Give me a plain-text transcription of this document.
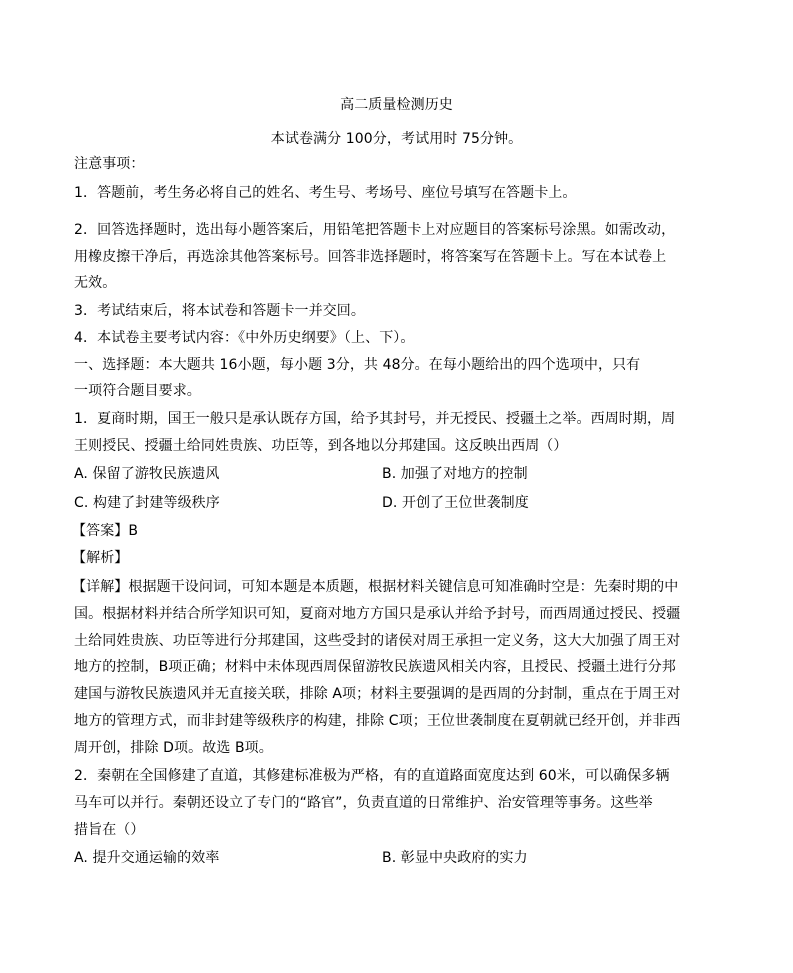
高二质量检测历史
本试卷满分 100分，考试用时 75分钟。
注意事项：
1．答题前，考生务必将自己的姓名、考生号、考场号、座位号填写在答题卡上。
2．回答选择题时，选出每小题答案后，用铅笔把答题卡上对应题目的答案标号涂黑。如需改动，
用橡皮擦干净后，再选涂其他答案标号。回答非选择题时，将答案写在答题卡上。写在本试卷上
无效。
3．考试结束后，将本试卷和答题卡一并交回。
4．本试卷主要考试内容：《中外历史纲要》（上、下）。
一、选择题：本大题共 16小题，每小题 3分，共 48分。在每小题给出的四个选项中，只有
一项符合题目要求。
1．夏商时期，国王一般只是承认既存方国，给予其封号，并无授民、授疆土之举。西周时期，周
王则授民、授疆土给同姓贵族、功臣等，到各地以分邦建国。这反映出西周（）
A. 保留了游牧民族遗风	B. 加强了对地方的控制
C. 构建了封建等级秩序	D. 开创了王位世袭制度
【答案】B
【解析】
【详解】根据题干设问词，可知本题是本质题，根据材料关键信息可知准确时空是：先秦时期的中
国。根据材料并结合所学知识可知，夏商对地方方国只是承认并给予封号，而西周通过授民、授疆
土给同姓贵族、功臣等进行分邦建国，这些受封的诸侯对周王承担一定义务，这大大加强了周王对
地方的控制，B项正确；材料中未体现西周保留游牧民族遗风相关内容，且授民、授疆土进行分邦
建国与游牧民族遗风并无直接关联，排除 A项；材料主要强调的是西周的分封制，重点在于周王对
地方的管理方式，而非封建等级秩序的构建，排除 C项；王位世袭制度在夏朝就已经开创，并非西
周开创，排除 D项。故选 B项。
2．秦朝在全国修建了直道，其修建标准极为严格，有的直道路面宽度达到 60米，可以确保多辆
马车可以并行。秦朝还设立了专门的“路官”，负责直道的日常维护、治安管理等事务。这些举
措旨在（）
A. 提升交通运输的效率	B. 彰显中央政府的实力
